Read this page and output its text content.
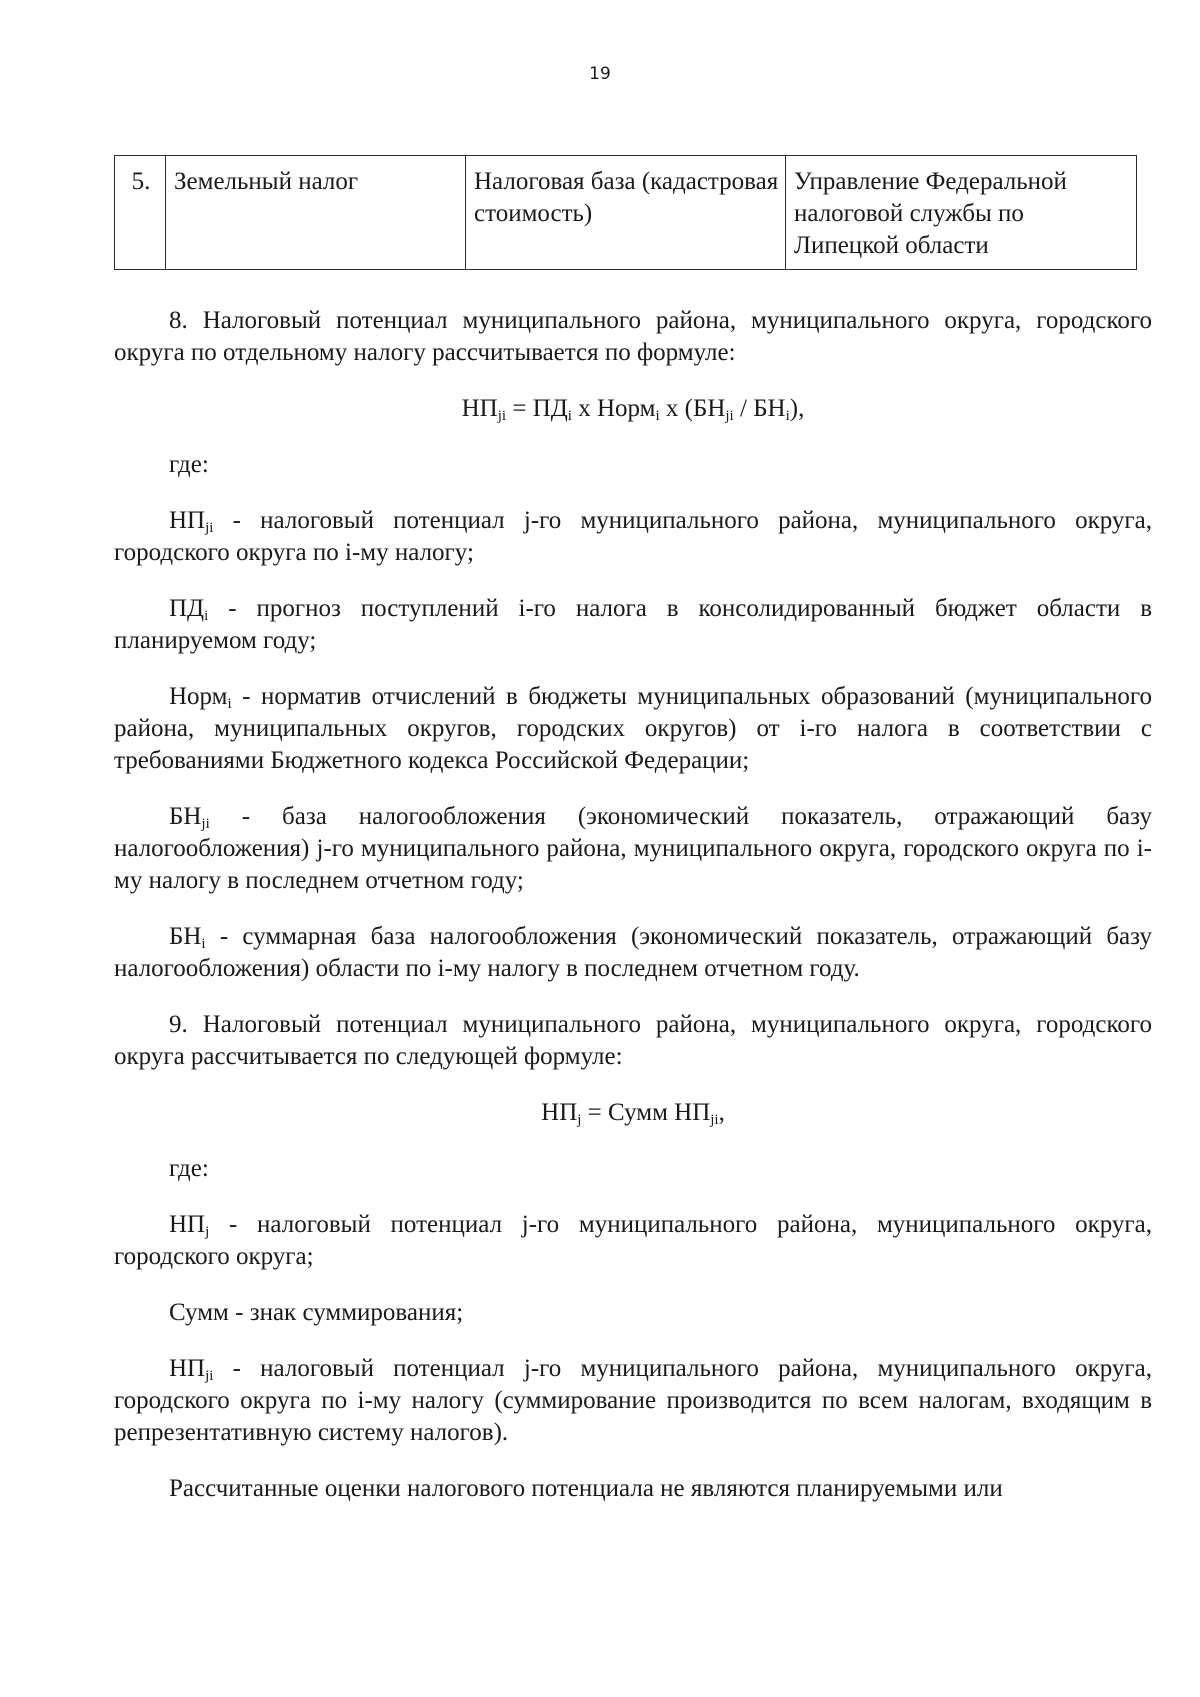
19
5.	Земельный налог	Налоговая база (кадастровая стоимость)	Управление Федеральной налоговой службы по Липецкой области

8. Налоговый потенциал муниципального района, муниципального округа, городского округа по отдельному налогу рассчитывается по формуле:

$НП_{ji} = ПД_i$ x Норм$_i$ x $(БН_{ji} / БН_i)$,

где:

$НП_{ji}$ - налоговый потенциал j-го муниципального района, муниципального округа, городского округа по i-му налогу;

$ПД_i$ - прогноз поступлений i-го налога в консолидированный бюджет области в планируемом году;

Норм$_i$ - норматив отчислений в бюджеты муниципальных образований (муниципального района, муниципальных округов, городских округов) от i-го налога в соответствии с требованиями Бюджетного кодекса Российской Федерации;

$БН_{ji}$ - база налогообложения (экономический показатель, отражающий базу налогообложения) j-го муниципального района, муниципального округа, городского округа по i-му налогу в последнем отчетном году;

$БН_i$ - суммарная база налогообложения (экономический показатель, отражающий базу налогообложения) области по i-му налогу в последнем отчетном году.

9. Налоговый потенциал муниципального района, муниципального округа, городского округа рассчитывается по следующей формуле:

$НП_j$ = Сумм $НП_{ji}$,

где:

$НП_j$ - налоговый потенциал j-го муниципального района, муниципального округа, городского округа;

Сумм - знак суммирования;

$НП_{ji}$ - налоговый потенциал j-го муниципального района, муниципального округа, городского округа по i-му налогу (суммирование производится по всем налогам, входящим в репрезентативную систему налогов).

Рассчитанные оценки налогового потенциала не являются планируемыми или
